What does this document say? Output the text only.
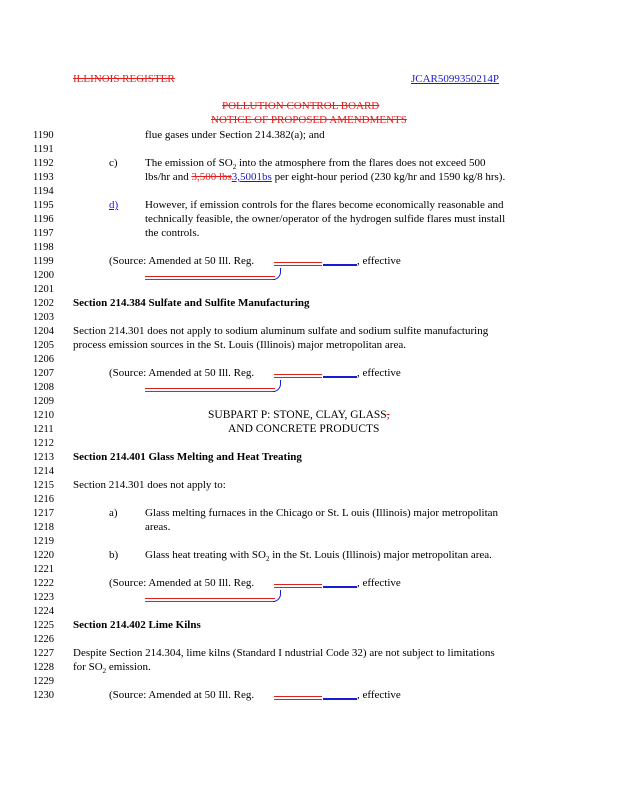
ILLINOIS REGISTER	JCAR5099350214P
POLLUTION CONTROL BOARD
NOTICE OF PROPOSED AMENDMENTS
1190
1191
1192
1193
1194
1195
1196
1197
1198
1199
1200
1201
1202
1203
1204
1205
1206
1207
1208
1209
1210
1211
1212
1213
1214
1215
1216
1217
1218
1219
1220
1221
1222
1223
1224
1225
1226
1227
1228
1229
1230
flue gases under Section 214.382(a); and
c) The emission of $SO_2$ into the atmosphere from the flares does not exceed 500
lbs/hr and 3,500 lbs3,5001bs per eight-hour period (230 kg/hr and 1590 kg/8 hrs).
d) However, if emission controls for the flares become economically reasonable and
technically feasible, the owner/operator of the hydrogen sulfide flares must install
the controls.
(Source: Amended at 50 Ill. Reg.	, effective
Section 214.384 Sulfate and Sulfite Manufacturing
Section 214.301 does not apply to sodium aluminum sulfate and sodium sulfite manufacturing
process emission sources in the St. Louis (Illinois) major metropolitan area.
(Source: Amended at 50 Ill. Reg.	, effective
SUBPART P: STONE, CLAY, GLASS,
AND CONCRETE PRODUCTS
Section 214.401 Glass Melting and Heat Treating
Section 214.301 does not apply to:
a) Glass melting furnaces in the Chicago or St. L ouis (Illinois) major metropolitan
areas.
b) Glass heat treating with $SO_2$ in the St. Louis (Illinois) major metropolitan area.
(Source: Amended at 50 Ill. Reg.	, effective
Section 214.402 Lime Kilns
Despite Section 214.304, lime kilns (Standard I ndustrial Code 32) are not subject to limitations
for $SO_2$ emission.
(Source: Amended at 50 Ill. Reg.	, effective
